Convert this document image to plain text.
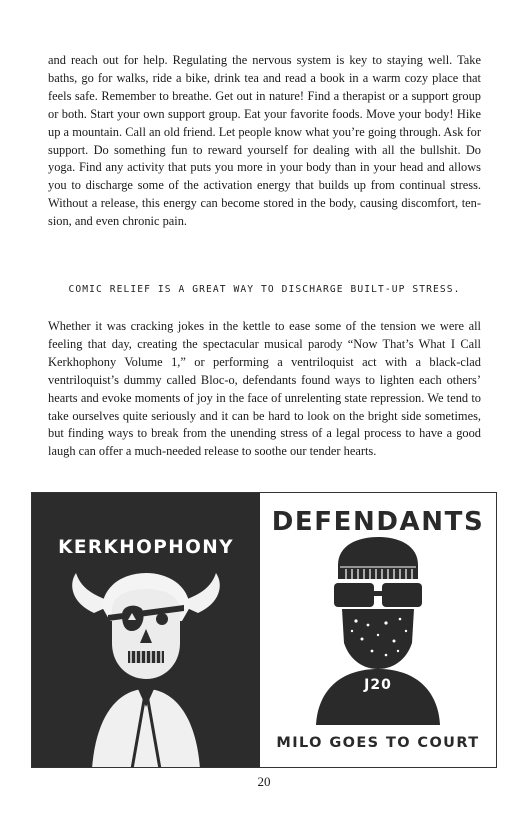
and reach out for help. Regulating the nervous system is key to staying well. Take baths, go for walks, ride a bike, drink tea and read a book in a warm cozy place that feels safe. Remember to breathe. Get out in nature! Find a therapist or a support group or both. Start your own support group. Eat your favorite foods. Move your body! Hike up a mountain. Call an old friend. Let people know what you’re going through. Ask for support. Do something fun to reward yourself for dealing with all the bullshit. Do yoga. Find any activity that puts you more in your body than in your head and allows you to discharge some of the activation energy that builds up from continual stress. Without a release, this energy can become stored in the body, causing discomfort, tension, and even chronic pain.

COMIC RELIEF IS A GREAT WAY TO DISCHARGE BUILT-UP STRESS.

Whether it was cracking jokes in the kettle to ease some of the tension we were all feeling that day, creating the spectacular musical parody “Now That’s What I Call Kerkhophony Volume 1,” or performing a ventriloquist act with a black-clad ventriloquist’s dummy called Bloc-o, defendants found ways to lighten each others’ hearts and evoke moments of joy in the face of unrelenting state repression. We tend to take ourselves quite seriously and it can be hard to look on the bright side sometimes, but finding ways to break from the unending stress of a legal process to have a good laugh can offer a much-needed release to soothe our tender hearts.

KERKHOPHONY
DEFENDANTS
J20
MILO GOES TO COURT
20
